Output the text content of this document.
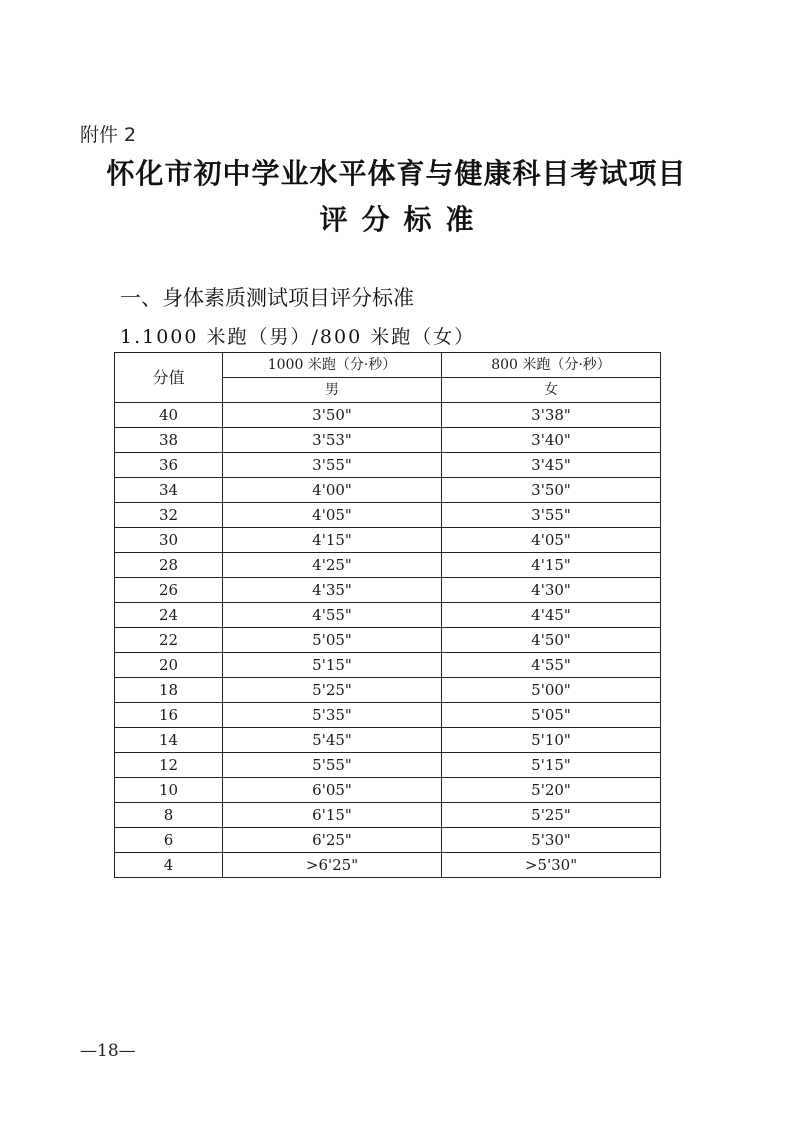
附件 2
怀化市初中学业水平体育与健康科目考试项目
评分标准
一、身体素质测试项目评分标准
1.1000 米跑（男）/800 米跑（女）
分值	1000 米跑（分·秒）	800 米跑（分·秒）
	男	女
40	3'50"	3'38"
38	3'53"	3'40"
36	3'55"	3'45"
34	4'00"	3'50"
32	4'05"	3'55"
30	4'15"	4'05"
28	4'25"	4'15"
26	4'35"	4'30"
24	4'55"	4'45"
22	5'05"	4'50"
20	5'15"	4'55"
18	5'25"	5'00"
16	5'35"	5'05"
14	5'45"	5'10"
12	5'55"	5'15"
10	6'05"	5'20"
8	6'15"	5'25"
6	6'25"	5'30"
4	>6'25"	>5'30"
—18—
